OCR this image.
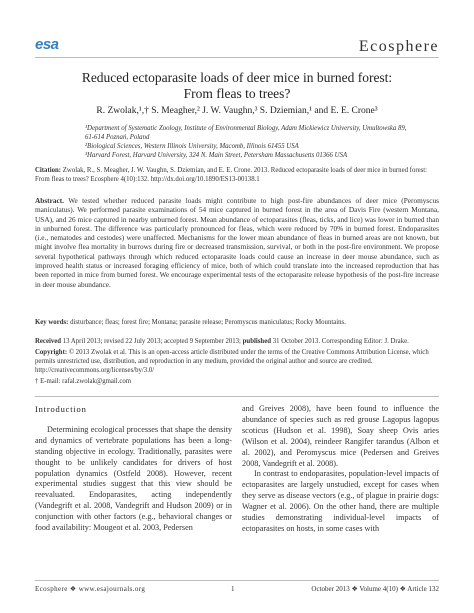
esa	Ecosphere
Reduced ectoparasite loads of deer mice in burned forest:
From fleas to trees?
R. Zwolak,¹,† S. Meagher,² J. W. Vaughn,³ S. Dziemian,¹ and E. E. Crone³
¹Department of Systematic Zoology, Institute of Environmental Biology, Adam Mickiewicz University, Umultowska 89, 61-614 Poznań, Poland
²Biological Sciences, Western Illinois University, Macomb, Illinois 61455 USA
³Harvard Forest, Harvard University, 324 N. Main Street, Petersham Massachusetts 01366 USA
Citation: Zwolak, R., S. Meagher, J. W. Vaughn, S. Dziemian, and E. E. Crone. 2013. Reduced ectoparasite loads of deer mice in burned forest: From fleas to trees? Ecosphere 4(10):132. http://dx.doi.org/10.1890/ES13-00138.1
Abstract. We tested whether reduced parasite loads might contribute to high post-fire abundances of deer mice (Peromyscus maniculatus). We performed parasite examinations of 54 mice captured in burned forest in the area of Davis Fire (western Montana, USA), and 26 mice captured in nearby unburned forest. Mean abundance of ectoparasites (fleas, ticks, and lice) was lower in burned than in unburned forest. The difference was particularly pronounced for fleas, which were reduced by 70% in burned forest. Endoparasites (i.e., nematodes and cestodes) were unaffected. Mechanisms for the lower mean abundance of fleas in burned areas are not known, but might involve flea mortality in burrows during fire or decreased transmission, survival, or both in the post-fire environment. We propose several hypothetical pathways through which reduced ectoparasite loads could cause an increase in deer mouse abundance, such as improved health status or increased foraging efficiency of mice, both of which could translate into the increased reproduction that has been reported in mice from burned forest. We encourage experimental tests of the ectoparasite release hypothesis of the post-fire increase in deer mouse abundance.
Key words: disturbance; fleas; forest fire; Montana; parasite release; Peromyscus maniculatus; Rocky Mountains.

Received 13 April 2013; revised 22 July 2013; accepted 9 September 2013; published 31 October 2013. Corresponding Editor: J. Drake.

Copyright: © 2013 Zwolak et al. This is an open-access article distributed under the terms of the Creative Commons Attribution License, which permits unrestricted use, distribution, and reproduction in any medium, provided the original author and source are credited. http://creativecommons.org/licenses/by/3.0/

† E-mail: rafal.zwolak@gmail.com

Introduction

Determining ecological processes that shape the density and dynamics of vertebrate populations has been a long-standing objective in ecology. Traditionally, parasites were thought to be unlikely candidates for drivers of host population dynamics (Ostfeld 2008). However, recent experimental studies suggest that this view should be reevaluated. Endoparasites, acting independently (Vandegrift et al. 2008, Vandegrift and Hudson 2009) or in conjunction with other factors (e.g., behavioral changes or food availability: Mougeot et al. 2003, Pedersen

and Greives 2008), have been found to influence the abundance of species such as red grouse Lagopus lagopus scoticus (Hudson et al. 1998), Soay sheep Ovis aries (Wilson et al. 2004), reindeer Rangifer tarandus (Albon et al. 2002), and Peromyscus mice (Pedersen and Greives 2008, Vandegrift et al. 2008).

In contrast to endoparasites, population-level impacts of ectoparasites are largely unstudied, except for cases when they serve as disease vectors (e.g., of plague in prairie dogs: Wagner et al. 2006). On the other hand, there are multiple studies demonstrating individual-level impacts of ectoparasites on hosts, in some cases with

Ecosphere ❖ www.esajournals.org	1	October 2013 ❖ Volume 4(10) ❖ Article 132
